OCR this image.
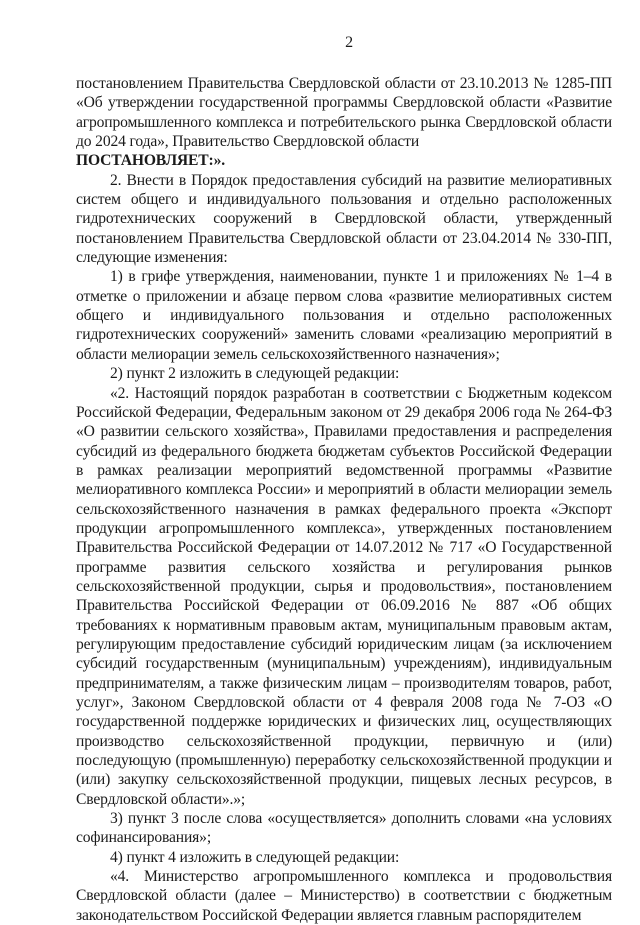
2

постановлением Правительства Свердловской области от 23.10.2013 № 1285-ПП «Об утверждении государственной программы Свердловской области «Развитие агропромышленного комплекса и потребительского рынка Свердловской области до 2024 года», Правительство Свердловской области

ПОСТАНОВЛЯЕТ:».

2. Внести в Порядок предоставления субсидий на развитие мелиоративных систем общего и индивидуального пользования и отдельно расположенных гидротехнических сооружений в Свердловской области, утвержденный постановлением Правительства Свердловской области от 23.04.2014 № 330-ПП, следующие изменения:

1) в грифе утверждения, наименовании, пункте 1 и приложениях № 1–4 в отметке о приложении и абзаце первом слова «развитие мелиоративных систем общего и индивидуального пользования и отдельно расположенных гидротехнических сооружений» заменить словами «реализацию мероприятий в области мелиорации земель сельскохозяйственного назначения»;

2) пункт 2 изложить в следующей редакции:

«2. Настоящий порядок разработан в соответствии с Бюджетным кодексом Российской Федерации, Федеральным законом от 29 декабря 2006 года № 264-ФЗ «О развитии сельского хозяйства», Правилами предоставления и распределения субсидий из федерального бюджета бюджетам субъектов Российской Федерации в рамках реализации мероприятий ведомственной программы «Развитие мелиоративного комплекса России» и мероприятий в области мелиорации земель сельскохозяйственного назначения в рамках федерального проекта «Экспорт продукции агропромышленного комплекса», утвержденных постановлением Правительства Российской Федерации от 14.07.2012 № 717 «О Государственной программе развития сельского хозяйства и регулирования рынков сельскохозяйственной продукции, сырья и продовольствия», постановлением Правительства Российской Федерации от 06.09.2016 № 887 «Об общих требованиях к нормативным правовым актам, муниципальным правовым актам, регулирующим предоставление субсидий юридическим лицам (за исключением субсидий государственным (муниципальным) учреждениям), индивидуальным предпринимателям, а также физическим лицам – производителям товаров, работ, услуг», Законом Свердловской области от 4 февраля 2008 года № 7-ОЗ «О государственной поддержке юридических и физических лиц, осуществляющих производство сельскохозяйственной продукции, первичную и (или) последующую (промышленную) переработку сельскохозяйственной продукции и (или) закупку сельскохозяйственной продукции, пищевых лесных ресурсов, в Свердловской области».»;

3) пункт 3 после слова «осуществляется» дополнить словами «на условиях софинансирования»;

4) пункт 4 изложить в следующей редакции:

«4. Министерство агропромышленного комплекса и продовольствия Свердловской области (далее – Министерство) в соответствии с бюджетным законодательством Российской Федерации является главным распорядителем
